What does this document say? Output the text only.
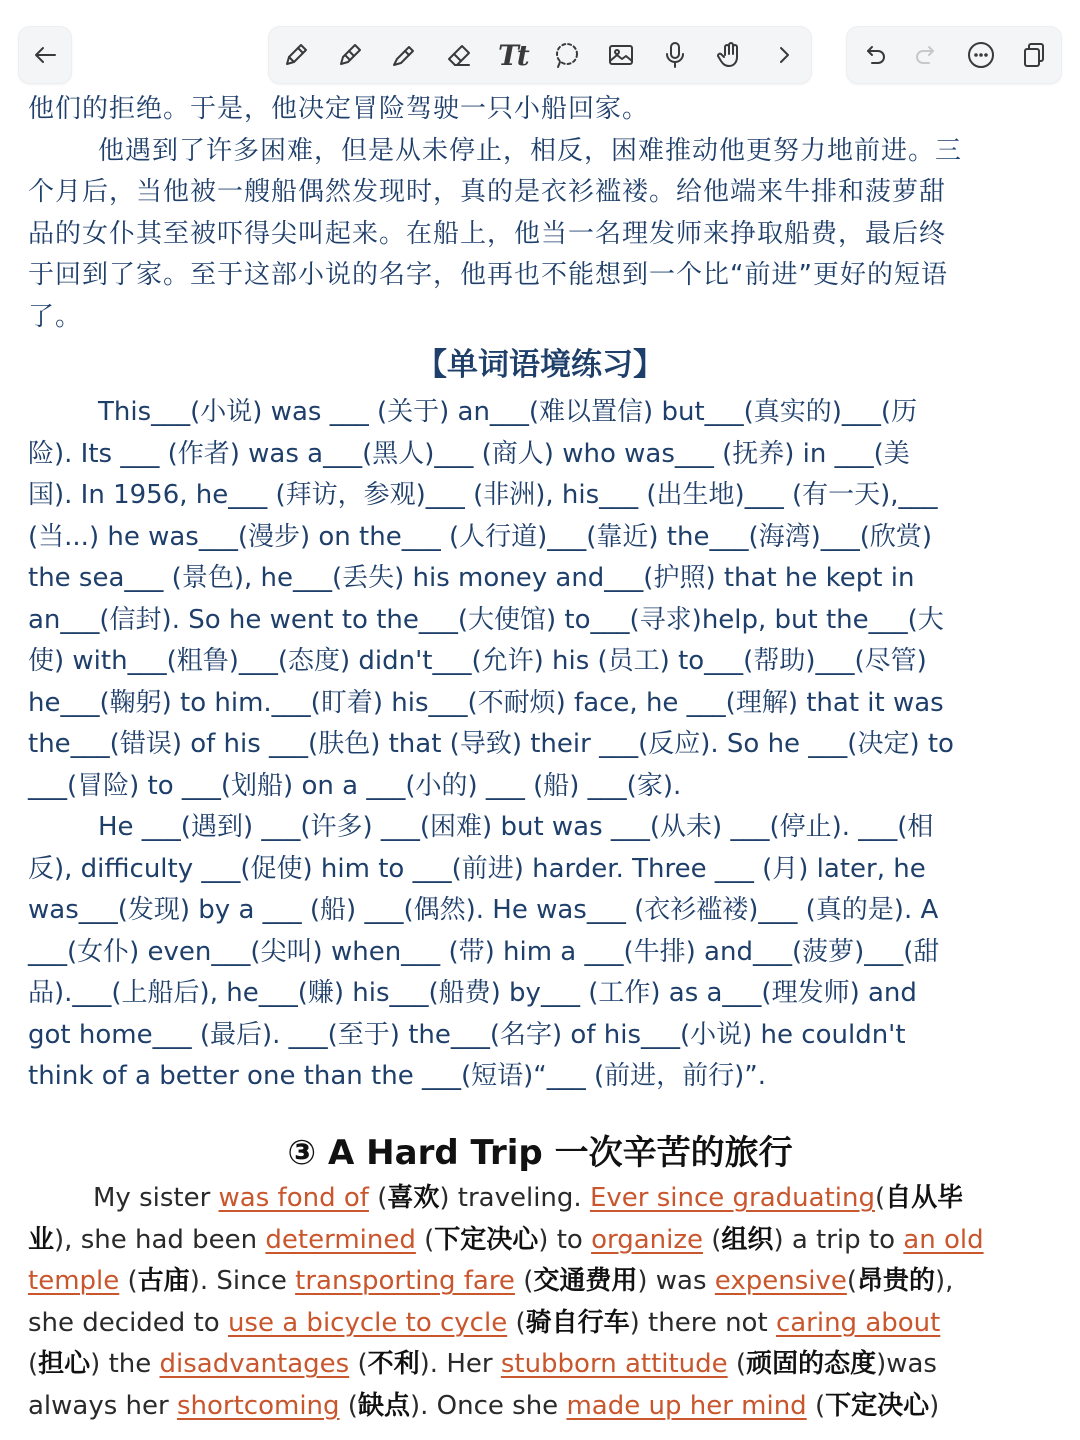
Tt
他们的拒绝。于是，他决定冒险驾驶一只小船回家。
他遇到了许多困难，但是从未停止，相反，困难推动他更努力地前进。三
个月后，当他被一艘船偶然发现时，真的是衣衫褴褛。给他端来牛排和菠萝甜
品的女仆其至被吓得尖叫起来。在船上，他当一名理发师来挣取船费，最后终
于回到了家。至于这部小说的名字，他再也不能想到一个比“前进”更好的短语
了。
【单词语境练习】
This___(小说) was ___ (关于) an___(难以置信) but___(真实的)___(历
险). Its ___ (作者) was a___(黑人)___ (商人) who was___ (抚养) in ___(美
国). In 1956, he___ (拜访，参观)___ (非洲), his___ (出生地)___ (有一天),___
(当...) he was___(漫步) on the___ (人行道)___(靠近) the___(海湾)___(欣赏)
the sea___ (景色), he___(丢失) his money and___(护照) that he kept in
an___(信封). So he went to the___(大使馆) to___(寻求)help, but the___(大
使) with___(粗鲁)___(态度) didn't___(允许) his (员工) to___(帮助)___(尽管)
he___(鞠躬) to him.___(盯着) his___(不耐烦) face, he ___(理解) that it was
the___(错误) of his ___(肤色) that (导致) their ___(反应). So he ___(决定) to
___(冒险) to ___(划船) on a ___(小的) ___ (船) ___(家).
He ___(遇到) ___(许多) ___(困难) but was ___(从未) ___(停止). ___(相
反), difficulty ___(促使) him to ___(前进) harder. Three ___ (月) later, he
was___(发现) by a ___ (船) ___(偶然). He was___ (衣衫褴褛)___ (真的是). A
___(女仆) even___(尖叫) when___ (带) him a ___(牛排) and___(菠萝)___(甜
品).___(上船后), he___(赚) his___(船费) by___ (工作) as a___(理发师) and
got home___ (最后). ___(至于) the___(名字) of his___(小说) he couldn't
think of a better one than the ___(短语)“___ (前进，前行)”.
③ A Hard Trip 一次辛苦的旅行
My sister was fond of (喜欢) traveling. Ever since graduating(自从毕
业), she had been determined (下定决心) to organize (组织) a trip to an old
temple (古庙). Since transporting fare (交通费用) was expensive(昂贵的),
she decided to use a bicycle to cycle (骑自行车) there not caring about
(担心) the disadvantages (不利). Her stubborn attitude (顽固的态度)was
always her shortcoming (缺点). Once she made up her mind (下定决心)
